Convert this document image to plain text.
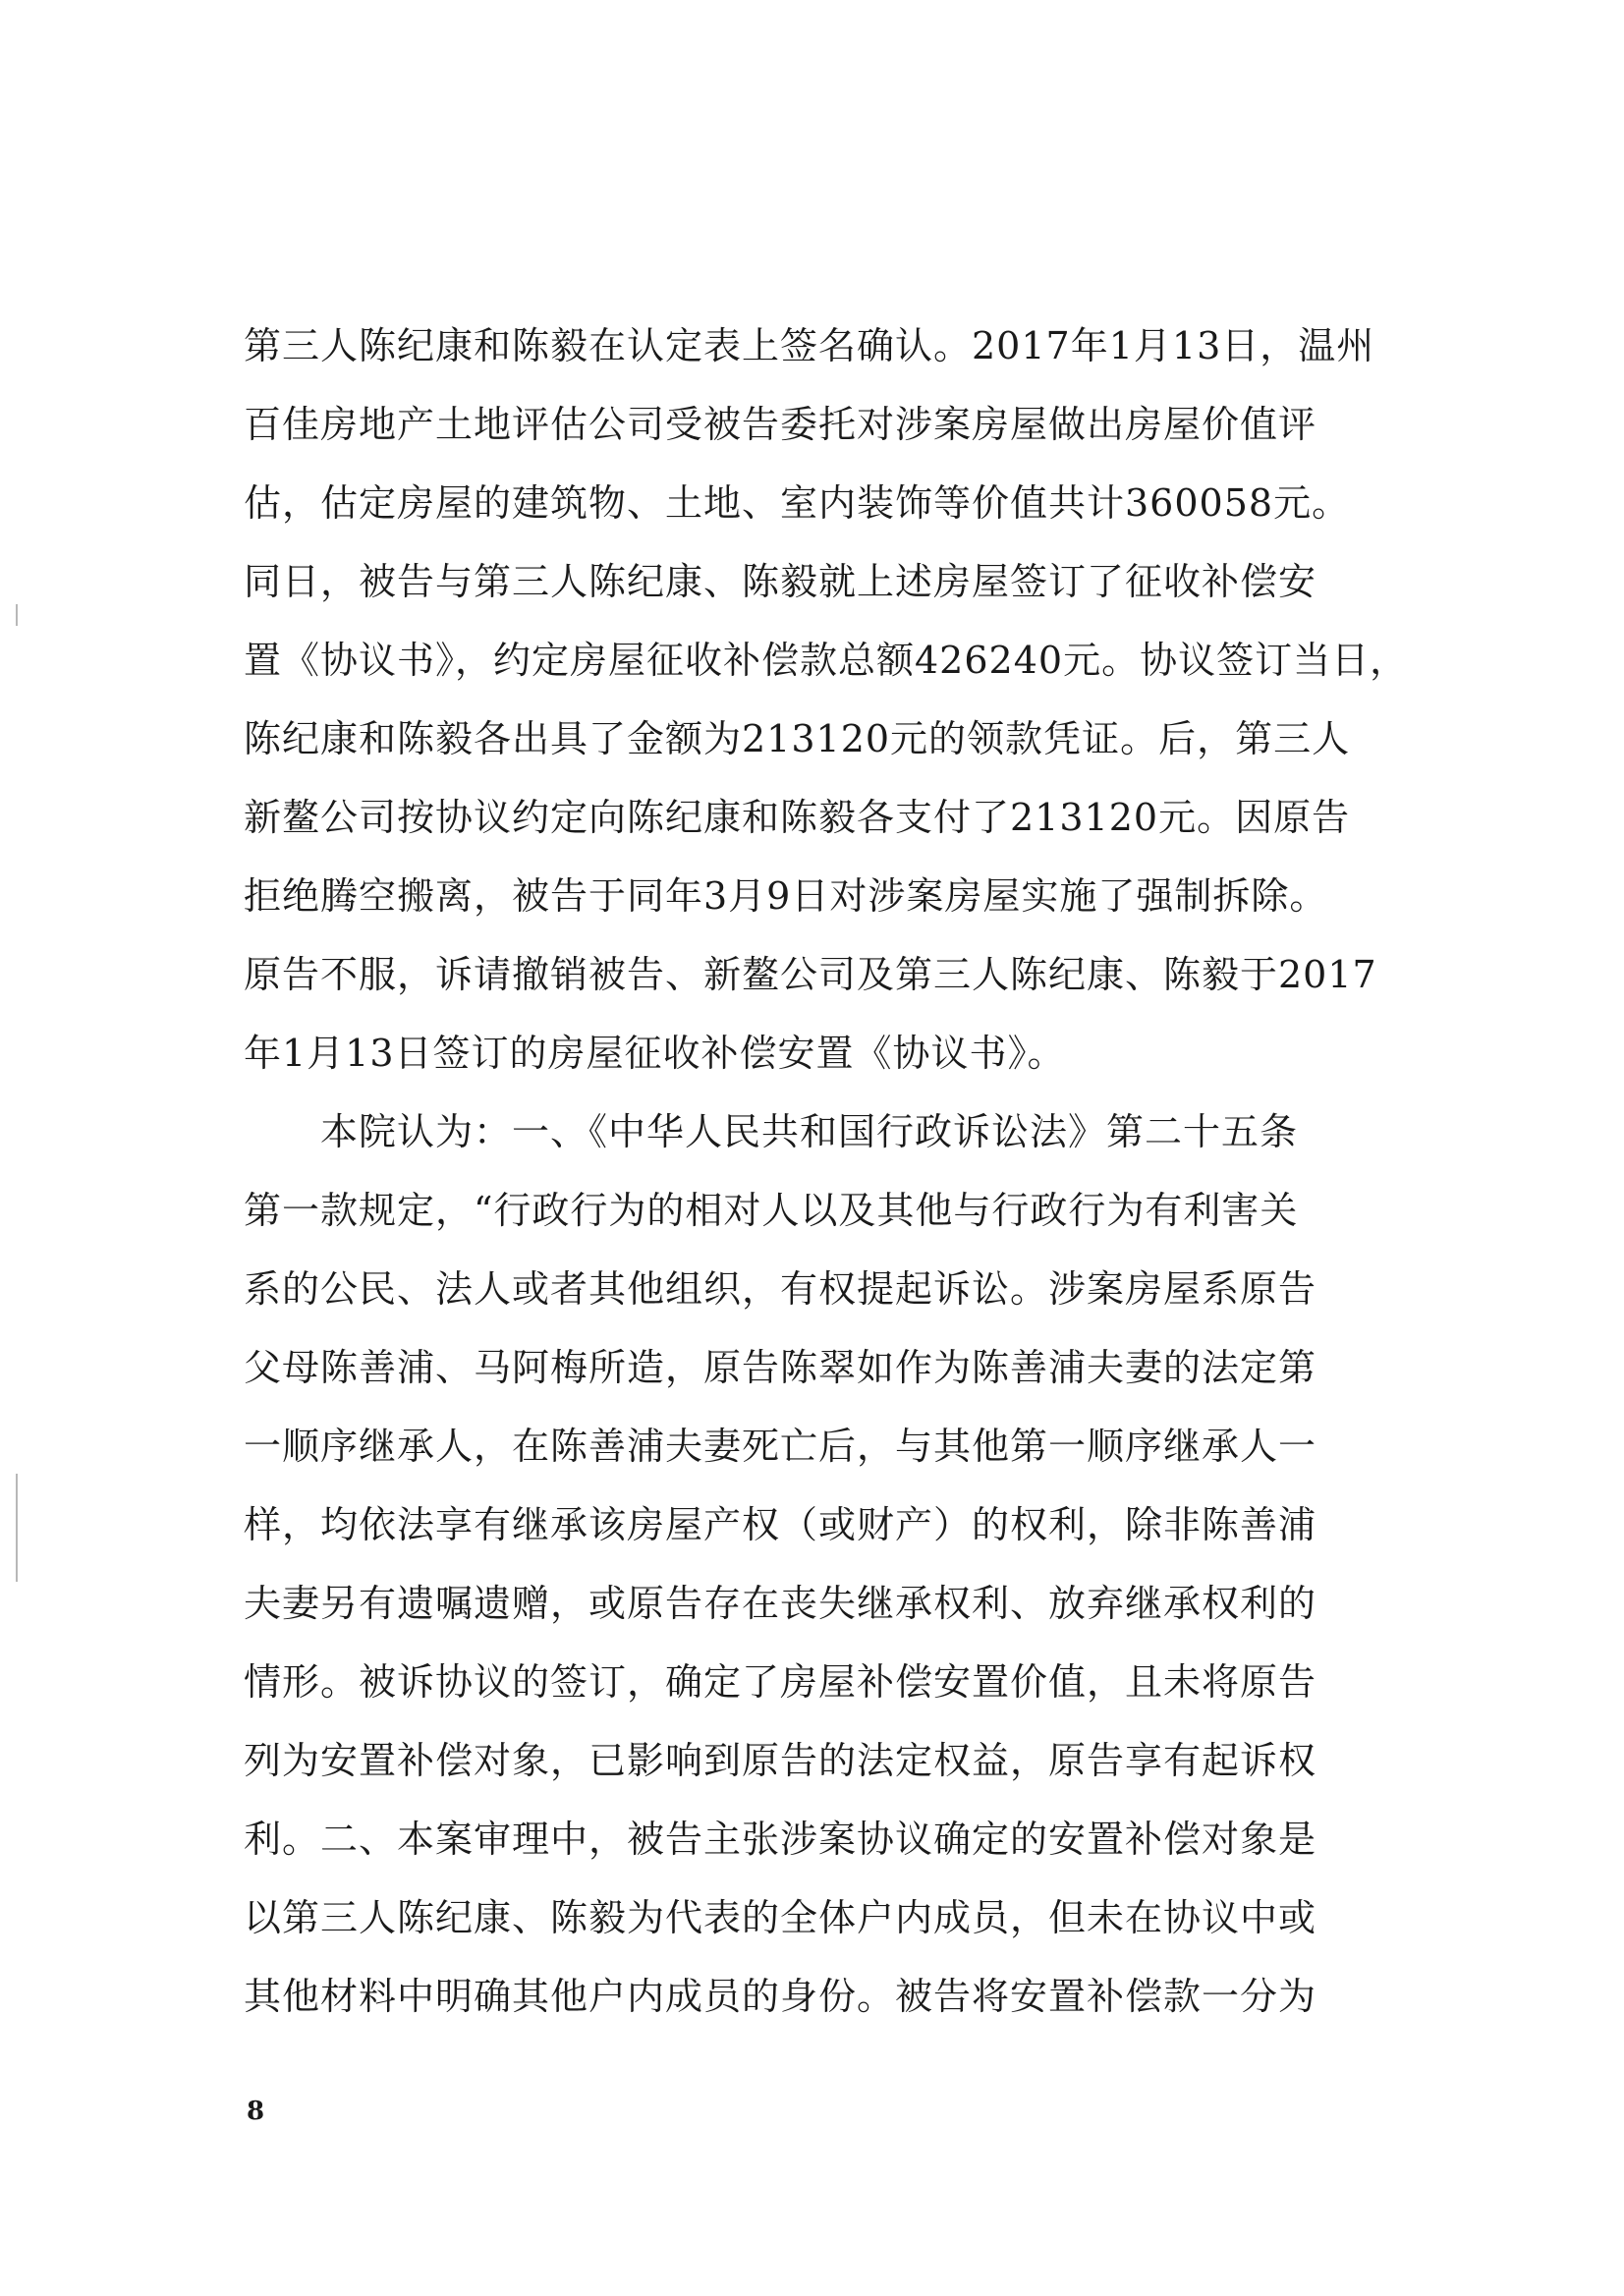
第三人陈纪康和陈毅在认定表上签名确认。2017年1月13日，温州
百佳房地产土地评估公司受被告委托对涉案房屋做出房屋价值评
估，估定房屋的建筑物、土地、室内装饰等价值共计360058元。
同日，被告与第三人陈纪康、陈毅就上述房屋签订了征收补偿安
置《协议书》，约定房屋征收补偿款总额426240元。协议签订当日，
陈纪康和陈毅各出具了金额为213120元的领款凭证。后，第三人
新鳌公司按协议约定向陈纪康和陈毅各支付了213120元。因原告
拒绝腾空搬离，被告于同年3月9日对涉案房屋实施了强制拆除。
原告不服，诉请撤销被告、新鳌公司及第三人陈纪康、陈毅于2017
年1月13日签订的房屋征收补偿安置《协议书》。
　　本院认为：一、《中华人民共和国行政诉讼法》第二十五条
第一款规定，“行政行为的相对人以及其他与行政行为有利害关
系的公民、法人或者其他组织，有权提起诉讼。涉案房屋系原告
父母陈善浦、马阿梅所造，原告陈翠如作为陈善浦夫妻的法定第
一顺序继承人，在陈善浦夫妻死亡后，与其他第一顺序继承人一
样，均依法享有继承该房屋产权（或财产）的权利，除非陈善浦
夫妻另有遗嘱遗赠，或原告存在丧失继承权利、放弃继承权利的
情形。被诉协议的签订，确定了房屋补偿安置价值，且未将原告
列为安置补偿对象，已影响到原告的法定权益，原告享有起诉权
利。二、本案审理中，被告主张涉案协议确定的安置补偿对象是
以第三人陈纪康、陈毅为代表的全体户内成员，但未在协议中或
其他材料中明确其他户内成员的身份。被告将安置补偿款一分为
8
